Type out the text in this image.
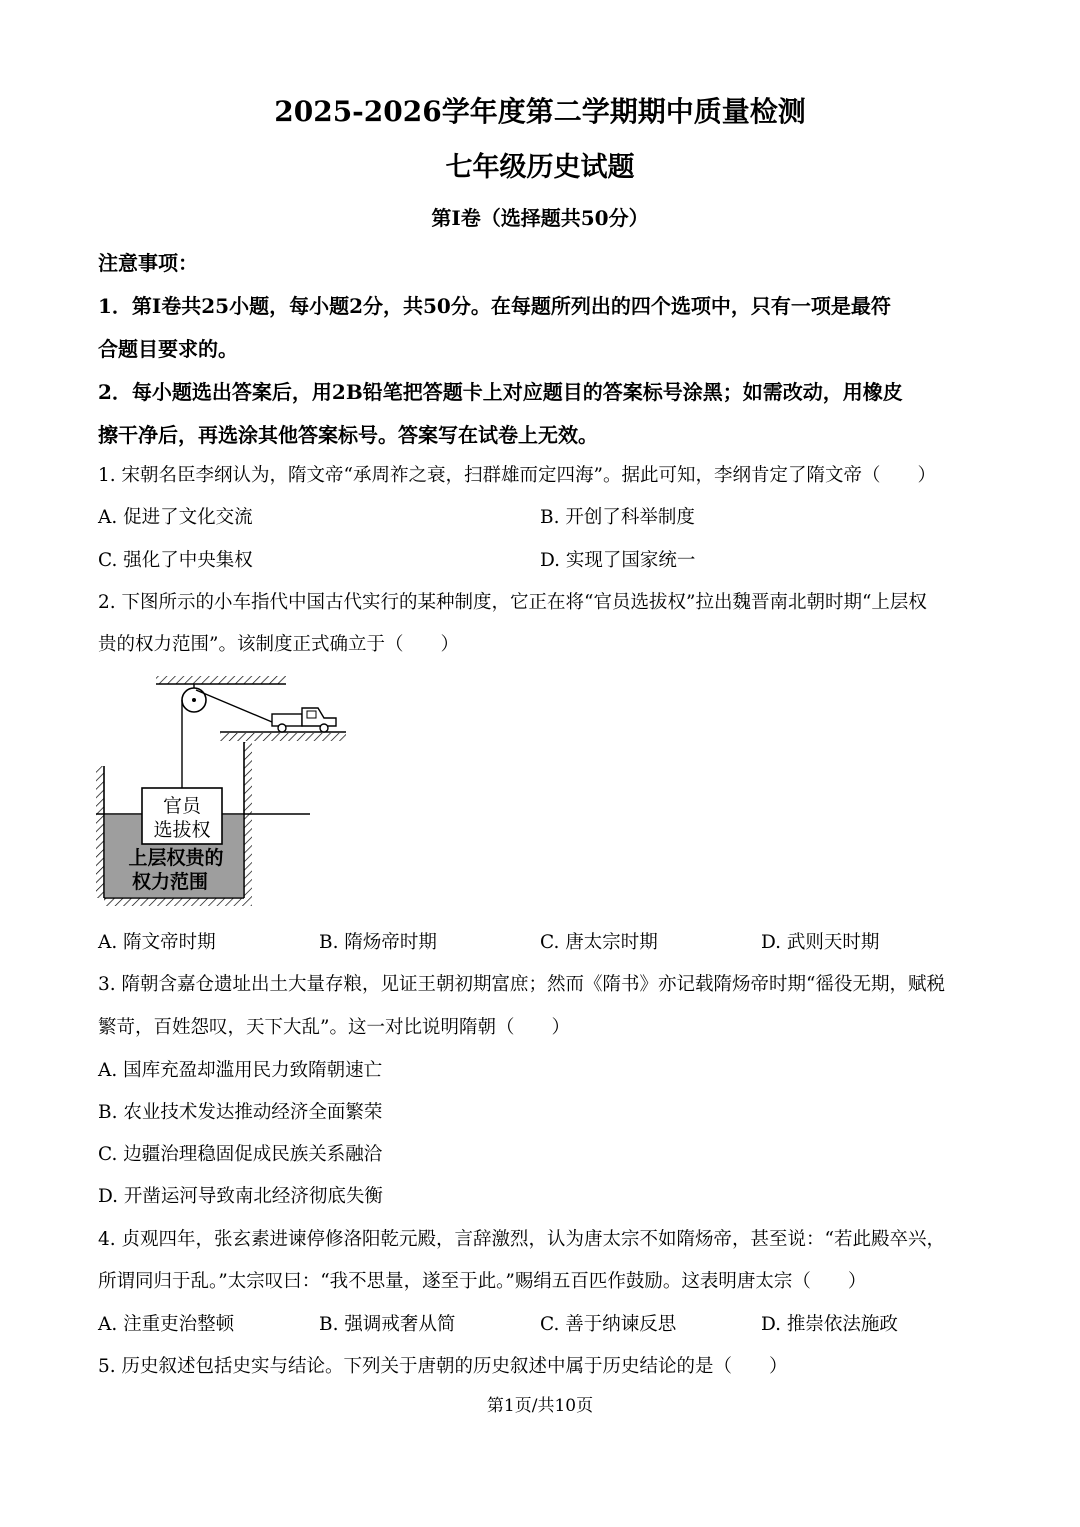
2025-2026学年度第二学期期中质量检测
七年级历史试题
第Ⅰ卷（选择题共50分）
注意事项：
1．第Ⅰ卷共25小题，每小题2分，共50分。在每题所列出的四个选项中，只有一项是最符
合题目要求的。
2．每小题选出答案后，用2B铅笔把答题卡上对应题目的答案标号涂黑；如需改动，用橡皮
擦干净后，再选涂其他答案标号。答案写在试卷上无效。
1. 宋朝名臣李纲认为，隋文帝“承周祚之衰，扫群雄而定四海”。据此可知，李纲肯定了隋文帝（　　）
A. 促进了文化交流	B. 开创了科举制度
C. 强化了中央集权	D. 实现了国家统一
2. 下图所示的小车指代中国古代实行的某种制度，它正在将“官员选拔权”拉出魏晋南北朝时期“上层权
贵的权力范围”。该制度正式确立于（　　）
官员
选拔权
上层权贵的
权力范围
A. 隋文帝时期	B. 隋炀帝时期	C. 唐太宗时期	D. 武则天时期
3. 隋朝含嘉仓遗址出土大量存粮，见证王朝初期富庶；然而《隋书》亦记载隋炀帝时期“徭役无期，赋税
繁苛，百姓怨叹，天下大乱”。这一对比说明隋朝（　　）
A. 国库充盈却滥用民力致隋朝速亡
B. 农业技术发达推动经济全面繁荣
C. 边疆治理稳固促成民族关系融洽
D. 开凿运河导致南北经济彻底失衡
4. 贞观四年，张玄素进谏停修洛阳乾元殿，言辞激烈，认为唐太宗不如隋炀帝，甚至说：“若此殿卒兴，
所谓同归于乱。”太宗叹曰：“我不思量，遂至于此。”赐绢五百匹作鼓励。这表明唐太宗（　　）
A. 注重吏治整顿	B. 强调戒奢从简	C. 善于纳谏反思	D. 推崇依法施政
5. 历史叙述包括史实与结论。下列关于唐朝的历史叙述中属于历史结论的是（　　）
第1页/共10页
